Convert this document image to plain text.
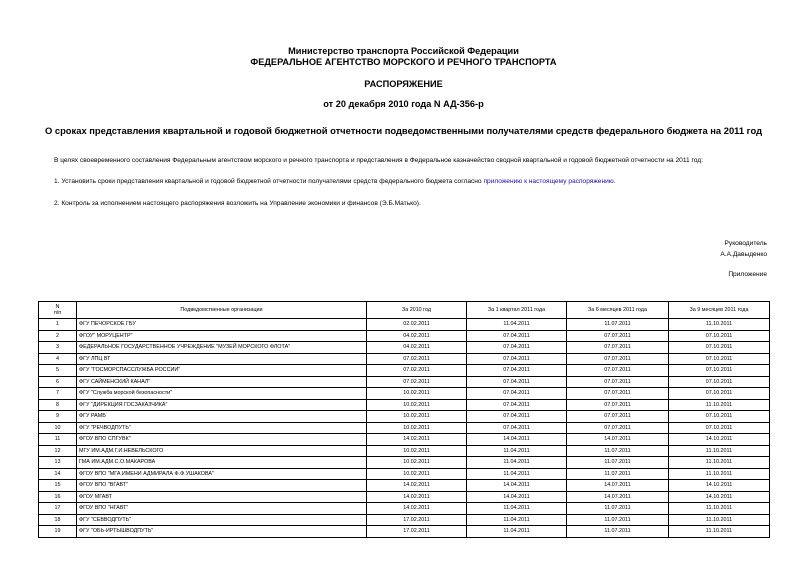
Министерство транспорта Российской Федерации
ФЕДЕРАЛЬНОЕ АГЕНТСТВО МОРСКОГО И РЕЧНОГО ТРАНСПОРТА
РАСПОРЯЖЕНИЕ
от 20 декабря 2010 года N АД-356-р
О сроках представления квартальной и годовой бюджетной отчетности подведомственными получателями средств федерального бюджета на 2011 год
В целях своевременного составления Федеральным агентством морского и речного транспорта и представления в Федеральное казначейство сводной квартальной и годовой бюджетной отчетности на 2011 год:
1. Установить сроки представления квартальной и годовой бюджетной отчетности получателями средств федерального бюджета согласно приложению к настоящему распоряжению.
2. Контроль за исполнением настоящего распоряжения возложить на Управление экономики и финансов (Э.Б.Матько).
Руководитель
А.А.Давыденко
Приложение
N
п/п	Подведомственные организации	За 2010 год	За 1 квартал 2011 года	За 6 месяцев 2011 года	За 9 месяцев 2011 года
1	ФГУ ПЕЧОРСКОЕ ГБУ	02.02.2011	11.04.2011	11.07.2011	11.10.2011
2	ФГОУ" МОРУЦЕНТР"	04.02.2011	07.04.2011	07.07.2011	07.10.2011
3	ФЕДЕРАЛЬНОЕ ГОСУДАРСТВЕННОЕ УЧРЕЖДЕНИЕ "МУЗЕЙ МОРСКОГО ФЛОТА"	04.02.2011	07.04.2011	07.07.2011	07.10.2011
4	ФГУ ЛПЦ ВТ	07.02.2011	07.04.2011	07.07.2011	07.10.2011
5	ФГУ "ГОСМОРСПАССЛУЖБА РОССИИ"	07.02.2011	07.04.2011	07.07.2011	07.10.2011
6	ФГУ САЙМЕНСКИЙ КАНАЛ"	07.02.2011	07.04.2011	07.07.2011	07.10.2011
7	ФГУ "Служба морской безопасности"	10.02.2011	07.04.2011	07.07.2011	07.10.2011
8	ФГУ "ДИРЕКЦИЯ ГОСЗАКАЗЧИКА"	10.02.2011	07.04.2011	07.07.2011	11.10.2011
9	ФГУ РАМБ	10.02.2011	07.04.2011	07.07.2011	07.10.2011
10	ФГУ "РЕЧВОДПУТЬ"	10.02.2011	07.04.2011	07.07.2011	07.10.2011
11	ФГОУ ВПО СПГУВК"	14.02.2011	14.04.2011	14.07.2011	14.10.2011
12	МГУ ИМ.АДМ.Г.И.НЕВЕЛЬСКОГО	10.02.2011	11.04.2011	11.07.2011	11.10.2011
13	ГМА ИМ.АДМ.С.О.МАКАРОВА	10.02.2011	11.04.2011	11.07.2011	11.10.2011
14	ФГОУ ВПО "МГА ИМЕНИ АДМИРАЛА Ф.Ф.УШАКОВА"	10.02.2011	11.04.2011	11.07.2011	11.10.2011
15	ФГОУ ВПО "ВГАВТ"	14.02.2011	14.04.2011	14.07.2011	14.10.2011
16	ФГОУ МГАВТ	14.02.2011	14.04.2011	14.07.2011	14.10.2011
17	ФГОУ ВПО "НГАВТ"	14.02.2011	11.04.2011	11.07.2011	11.10.2011
18	ФГУ "СЕВВОДПУТЬ"	17.02.2011	11.04.2011	11.07.2011	11.10.2011
19	ФГУ "ОБЬ-ИРТЫШВОДПУТЬ"	17.02.2011	11.04.2011	11.07.2011	11.10.2011
